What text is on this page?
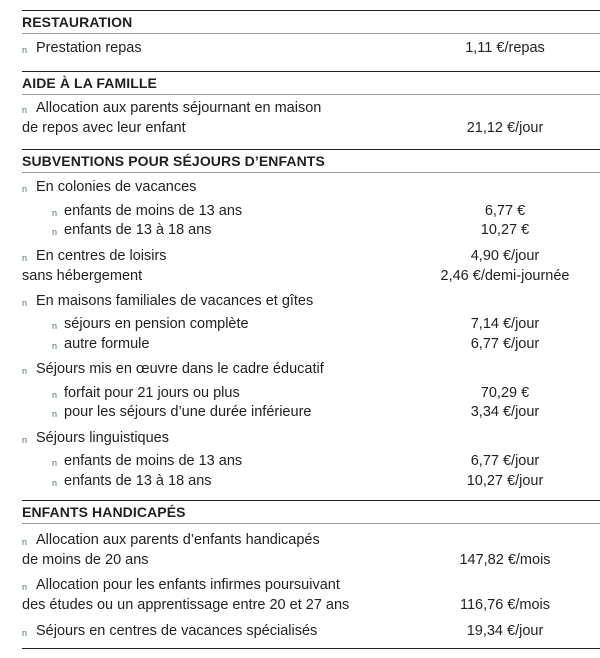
RESTAURATION
n Prestation repas	1,11 €/repas
AIDE À LA FAMILLE
n Allocation aux parents séjournant en maison
de repos avec leur enfant	21,12 €/jour
SUBVENTIONS POUR SÉJOURS D’ENFANTS
n En colonies de vacances
n enfants de moins de 13 ans	6,77 €
n enfants de 13 à 18 ans	10,27 €
n En centres de loisirs	4,90 €/jour
sans hébergement	2,46 €/demi-journée
n En maisons familiales de vacances et gîtes
n séjours en pension complète	7,14 €/jour
n autre formule	6,77 €/jour
n Séjours mis en œuvre dans le cadre éducatif
n forfait pour 21 jours ou plus	70,29 €
n pour les séjours d’une durée inférieure	3,34 €/jour
n Séjours linguistiques
n enfants de moins de 13 ans	6,77 €/jour
n enfants de 13 à 18 ans	10,27 €/jour
ENFANTS HANDICAPÉS
n Allocation aux parents d’enfants handicapés
de moins de 20 ans	147,82 €/mois
n Allocation pour les enfants infirmes poursuivant
des études ou un apprentissage entre 20 et 27 ans	116,76 €/mois
n Séjours en centres de vacances spécialisés	19,34 €/jour
